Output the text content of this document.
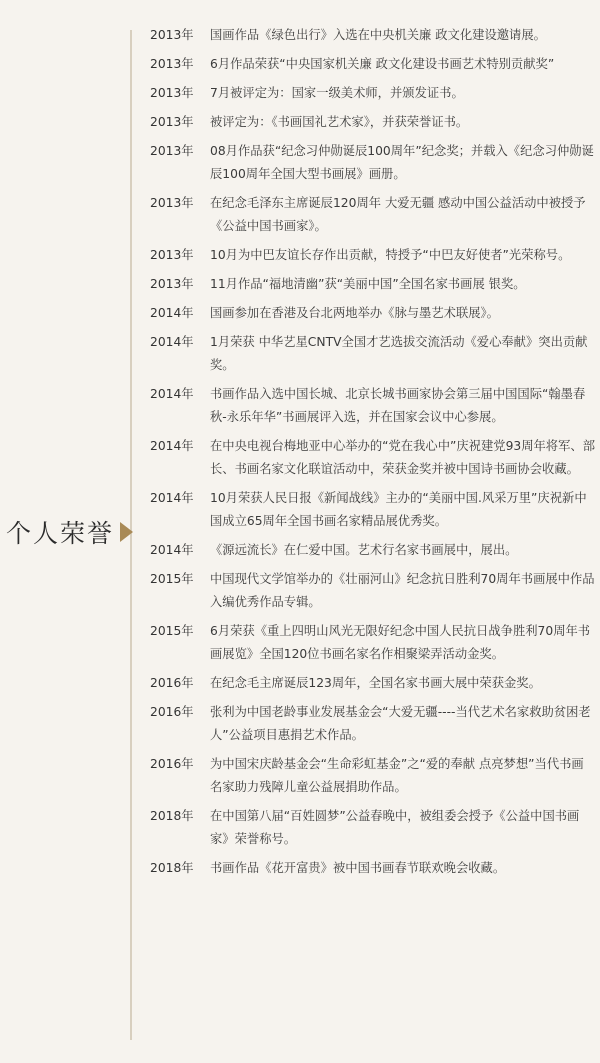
个人荣誉
2013年	国画作品《绿色出行》入选在中央机关廉 政文化建设邀请展。
2013年	6月作品荣获“中央国家机关廉 政文化建设书画艺术特别贡献奖”
2013年	7月被评定为：国家一级美术师，并颁发证书。
2013年	被评定为：《书画国礼艺术家》，并获荣誉证书。
2013年	08月作品获“纪念习仲勋诞辰100周年”纪念奖；并载入《纪念习仲勋诞辰100周年全国大型书画展》画册。
2013年	在纪念毛泽东主席诞辰120周年 大爱无疆 感动中国公益活动中被授予 《公益中国书画家》。
2013年	10月为中巴友谊长存作出贡献，特授予“中巴友好使者”光荣称号。
2013年	11月作品“福地清幽”获“美丽中国”全国名家书画展 银奖。
2014年	国画参加在香港及台北两地举办《脉与墨艺术联展》。
2014年	1月荣获 中华艺星CNTV全国才艺选拔交流活动《爱心奉献》突出贡献奖。
2014年	书画作品入选中国长城、北京长城书画家协会第三届中国国际“翰墨春秋-永乐年华”书画展评入选，并在国家会议中心参展。
2014年	在中央电视台梅地亚中心举办的“党在我心中”庆祝建党93周年将军、部长、书画名家文化联谊活动中，荣获金奖并被中国诗书画协会收藏。
2014年	10月荣获人民日报《新闻战线》主办的“美丽中国.风采万里”庆祝新中国成立65周年全国书画名家精品展优秀奖。
2014年	《源远流长》在仁爱中国。艺术行名家书画展中，展出。
2015年	中国现代文学馆举办的《壮丽河山》纪念抗日胜利70周年书画展中作品入编优秀作品专辑。
2015年	6月荣获《重上四明山风光无限好纪念中国人民抗日战争胜利70周年书画展览》全国120位书画名家名作相聚梁弄活动金奖。
2016年	在纪念毛主席诞辰123周年，全国名家书画大展中荣获金奖。
2016年	张利为中国老龄事业发展基金会“大爱无疆----当代艺术名家救助贫困老人”公益项目惠捐艺术作品。
2016年	为中国宋庆龄基金会“生命彩虹基金”之“爱的奉献 点亮梦想”当代书画名家助力残障儿童公益展捐助作品。
2018年	在中国第八届“百姓圆梦”公益春晚中，被组委会授予《公益中国书画家》荣誉称号。
2018年	书画作品《花开富贵》被中国书画春节联欢晚会收藏。
